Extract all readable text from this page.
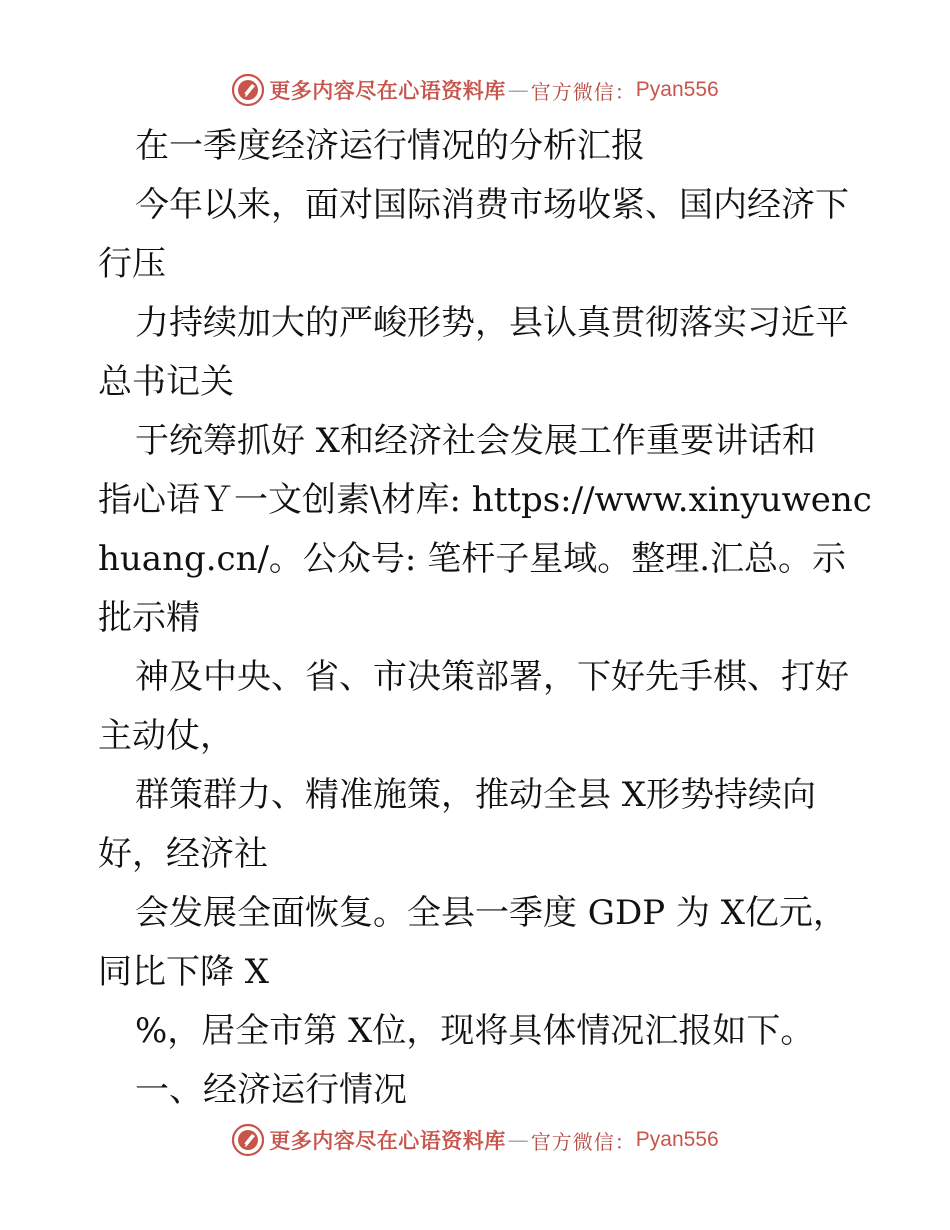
更多内容尽在心语资料库 — 官方微信： Pyan556
在一季度经济运行情况的分析汇报
今年以来，面对国际消费市场收紧、国内经济下
行压
力持续加大的严峻形势，县认真贯彻落实习近平
总书记关
于统筹抓好 X和经济社会发展工作重要讲话和
指心语Ｙ一文创素\材库: https://www.xinyuwenc
huang.cn/。公众号: 笔杆子星域。整理.汇总。示
批示精
神及中央、省、市决策部署，下好先手棋、打好
主动仗，
群策群力、精准施策，推动全县 X形势持续向
好，经济社
会发展全面恢复。全县一季度 GDP 为 X亿元，
同比下降 X
%，居全市第 X位，现将具体情况汇报如下。
一、经济运行情况
更多内容尽在心语资料库 — 官方微信： Pyan556
